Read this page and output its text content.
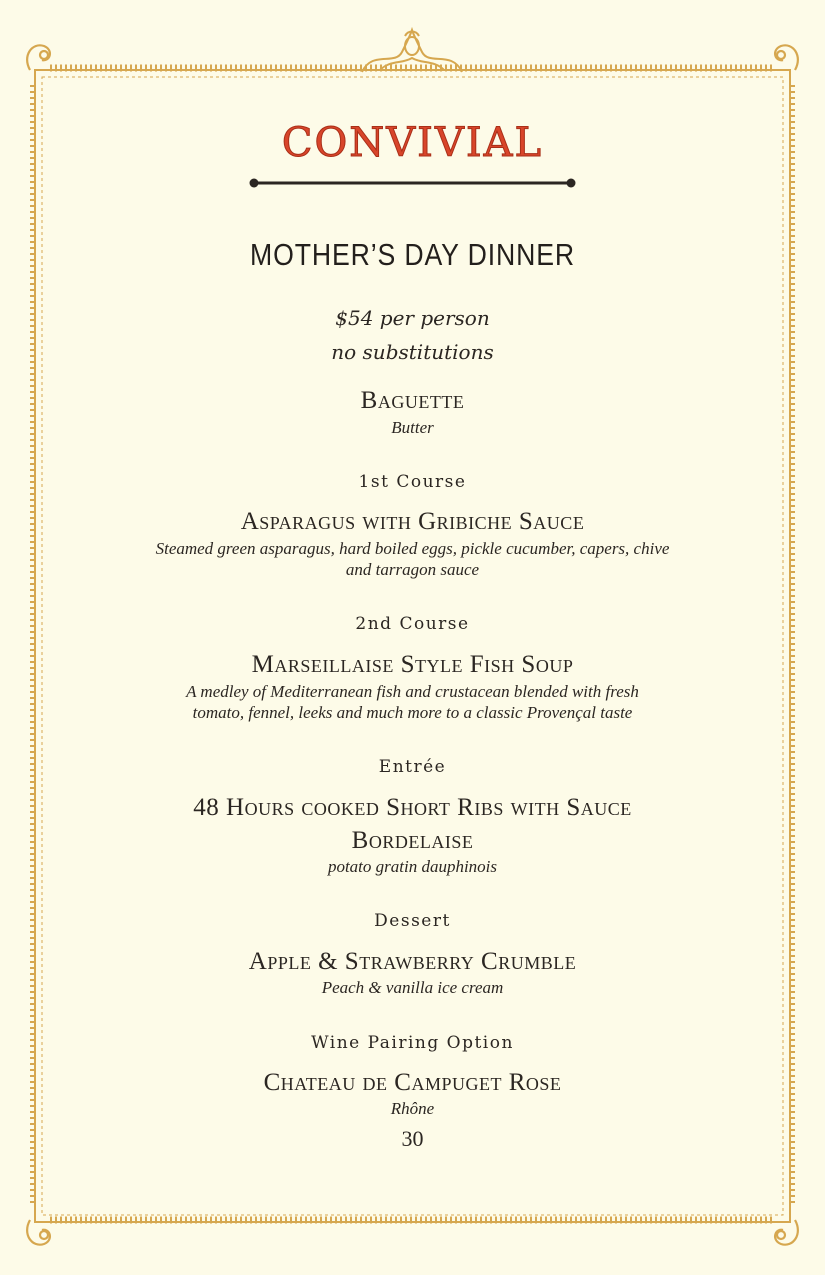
CONVIVIAL
MOTHER’S DAY DINNER
$54 per person
no substitutions
Baguette
Butter
1st Course
Asparagus with Gribiche Sauce
Steamed green asparagus, hard boiled eggs, pickle cucumber, capers, chive
and tarragon sauce
2nd Course
Marseillaise Style Fish Soup
A medley of Mediterranean fish and crustacean blended with fresh
tomato, fennel, leeks and much more to a classic Provençal taste
Entrée
48 Hours cooked Short Ribs with Sauce
Bordelaise
potato gratin dauphinois
Dessert
Apple & Strawberry Crumble
Peach & vanilla ice cream
Wine Pairing Option
Chateau de Campuget Rose
Rhône
30
